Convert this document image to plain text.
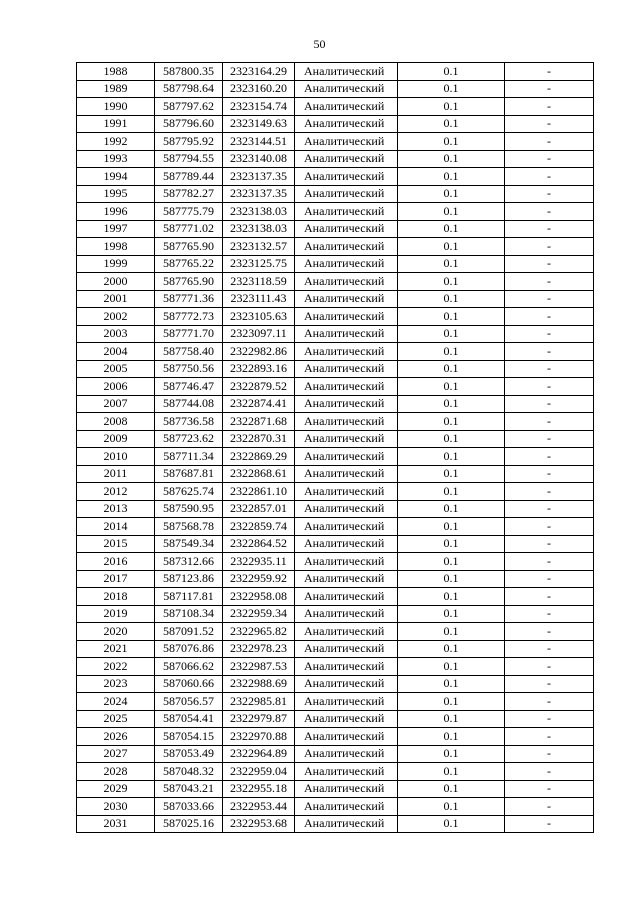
50
1988	587800.35	2323164.29	Аналитический	0.1	-
1989	587798.64	2323160.20	Аналитический	0.1	-
1990	587797.62	2323154.74	Аналитический	0.1	-
1991	587796.60	2323149.63	Аналитический	0.1	-
1992	587795.92	2323144.51	Аналитический	0.1	-
1993	587794.55	2323140.08	Аналитический	0.1	-
1994	587789.44	2323137.35	Аналитический	0.1	-
1995	587782.27	2323137.35	Аналитический	0.1	-
1996	587775.79	2323138.03	Аналитический	0.1	-
1997	587771.02	2323138.03	Аналитический	0.1	-
1998	587765.90	2323132.57	Аналитический	0.1	-
1999	587765.22	2323125.75	Аналитический	0.1	-
2000	587765.90	2323118.59	Аналитический	0.1	-
2001	587771.36	2323111.43	Аналитический	0.1	-
2002	587772.73	2323105.63	Аналитический	0.1	-
2003	587771.70	2323097.11	Аналитический	0.1	-
2004	587758.40	2322982.86	Аналитический	0.1	-
2005	587750.56	2322893.16	Аналитический	0.1	-
2006	587746.47	2322879.52	Аналитический	0.1	-
2007	587744.08	2322874.41	Аналитический	0.1	-
2008	587736.58	2322871.68	Аналитический	0.1	-
2009	587723.62	2322870.31	Аналитический	0.1	-
2010	587711.34	2322869.29	Аналитический	0.1	-
2011	587687.81	2322868.61	Аналитический	0.1	-
2012	587625.74	2322861.10	Аналитический	0.1	-
2013	587590.95	2322857.01	Аналитический	0.1	-
2014	587568.78	2322859.74	Аналитический	0.1	-
2015	587549.34	2322864.52	Аналитический	0.1	-
2016	587312.66	2322935.11	Аналитический	0.1	-
2017	587123.86	2322959.92	Аналитический	0.1	-
2018	587117.81	2322958.08	Аналитический	0.1	-
2019	587108.34	2322959.34	Аналитический	0.1	-
2020	587091.52	2322965.82	Аналитический	0.1	-
2021	587076.86	2322978.23	Аналитический	0.1	-
2022	587066.62	2322987.53	Аналитический	0.1	-
2023	587060.66	2322988.69	Аналитический	0.1	-
2024	587056.57	2322985.81	Аналитический	0.1	-
2025	587054.41	2322979.87	Аналитический	0.1	-
2026	587054.15	2322970.88	Аналитический	0.1	-
2027	587053.49	2322964.89	Аналитический	0.1	-
2028	587048.32	2322959.04	Аналитический	0.1	-
2029	587043.21	2322955.18	Аналитический	0.1	-
2030	587033.66	2322953.44	Аналитический	0.1	-
2031	587025.16	2322953.68	Аналитический	0.1	-
